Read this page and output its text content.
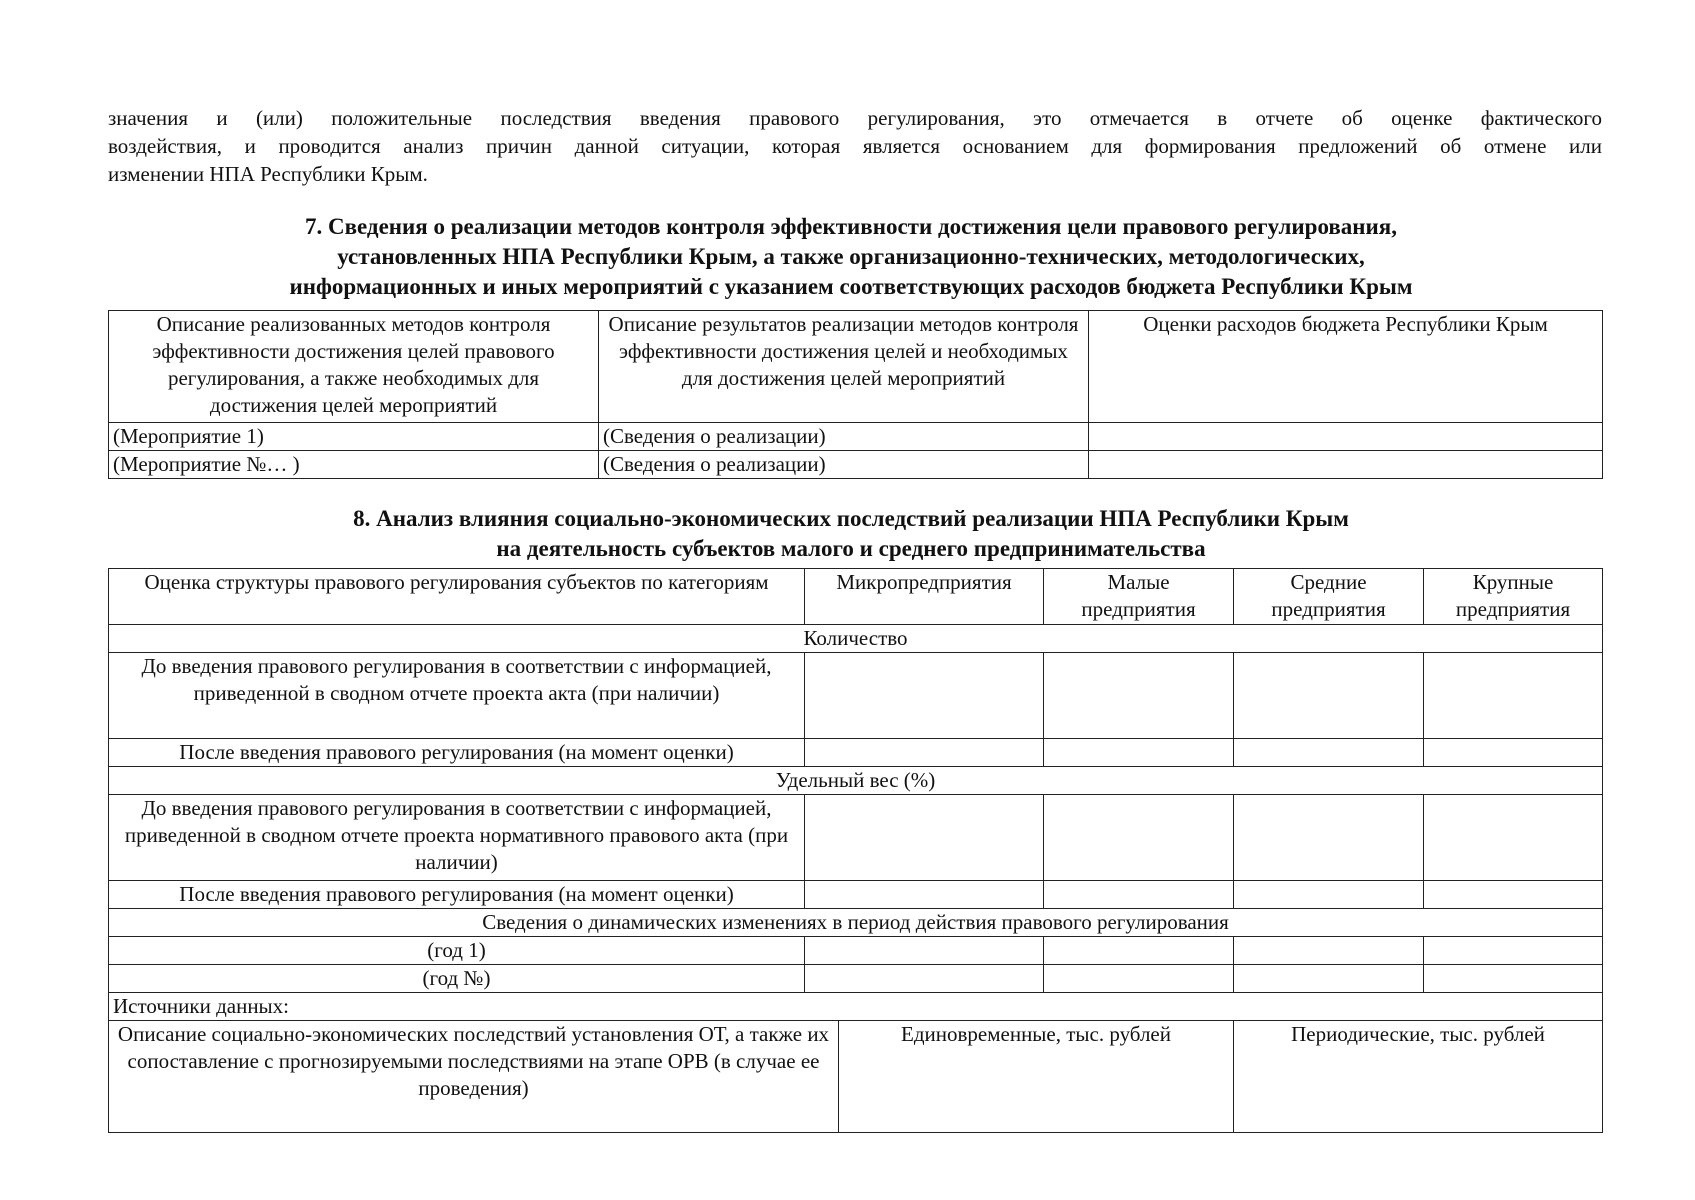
значения и (или) положительные последствия введения правового регулирования, это отмечается в отчете об оценке фактического
воздействия, и проводится анализ причин данной ситуации, которая является основанием для формирования предложений об отмене или
изменении НПА Республики Крым.
7. Сведения о реализации методов контроля эффективности достижения цели правового регулирования,
установленных НПА Республики Крым, а также организационно-технических, методологических,
информационных и иных мероприятий с указанием соответствующих расходов бюджета Республики Крым
Описание реализованных методов контроля эффективности достижения целей правового регулирования, а также необходимых для достижения целей мероприятий	Описание результатов реализации методов контроля эффективности достижения целей и необходимых для достижения целей мероприятий	Оценки расходов бюджета Республики Крым
(Мероприятие 1)	(Сведения о реализации)	
(Мероприятие №… )	(Сведения о реализации)	
8. Анализ влияния социально-экономических последствий реализации НПА Республики Крым
на деятельность субъектов малого и среднего предпринимательства
Оценка структуры правового регулирования субъектов по категориям	Микропредприятия		Малые предприятия	Средние предприятия	Крупные предприятия
Количество					
До введения правового регулирования в соответствии с информацией, приведенной в сводном отчете проекта акта (при наличии)					
После введения правового регулирования (на момент оценки)					
Удельный вес (%)					
До введения правового регулирования в соответствии с информацией, приведенной в сводном отчете проекта нормативного правового акта (при наличии)					
После введения правового регулирования (на момент оценки)					
Сведения о динамических изменениях в период действия правового регулирования					
(год 1)					
(год №)					
Источники данных:					
Описание социально-экономических последствий установления ОТ, а также их сопоставление с прогнозируемыми последствиями на этапе ОРВ (в случае ее проведения)		Единовременные, тыс. рублей		Периодические, тыс. рублей	
